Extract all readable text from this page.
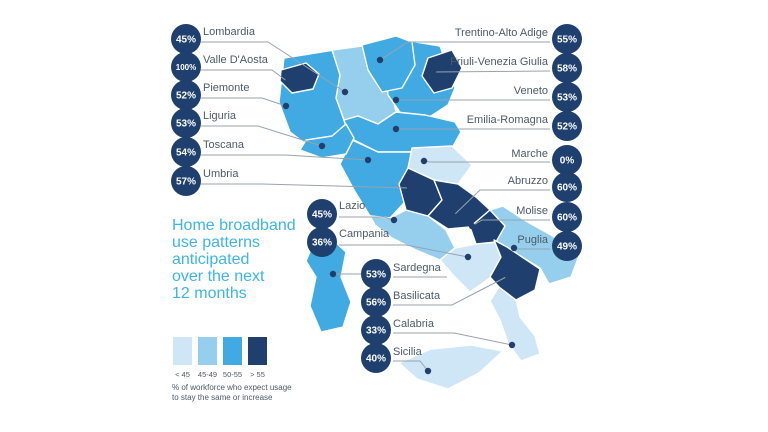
45%
Lombardia
100%
Valle D'Aosta
52%
Piemonte
53%
Liguria
54%
Toscana
57%
Umbria
45%
Lazio
36%
Campania
53%
Sardegna
56%
Basilicata
33%
Calabria
40%
Sicilia
55%
Trentino-Alto Adige
58%
Friuli-Venezia Giulia
53%
Veneto
52%
Emilia-Romagna
0%
Marche
60%
Abruzzo
60%
Molise
49%
Puglia
Home broadband
use patterns
anticipated
over the next
12 months
< 45 45-49 50-55 > 55
% of workforce who expect usage
to stay the same or increase
